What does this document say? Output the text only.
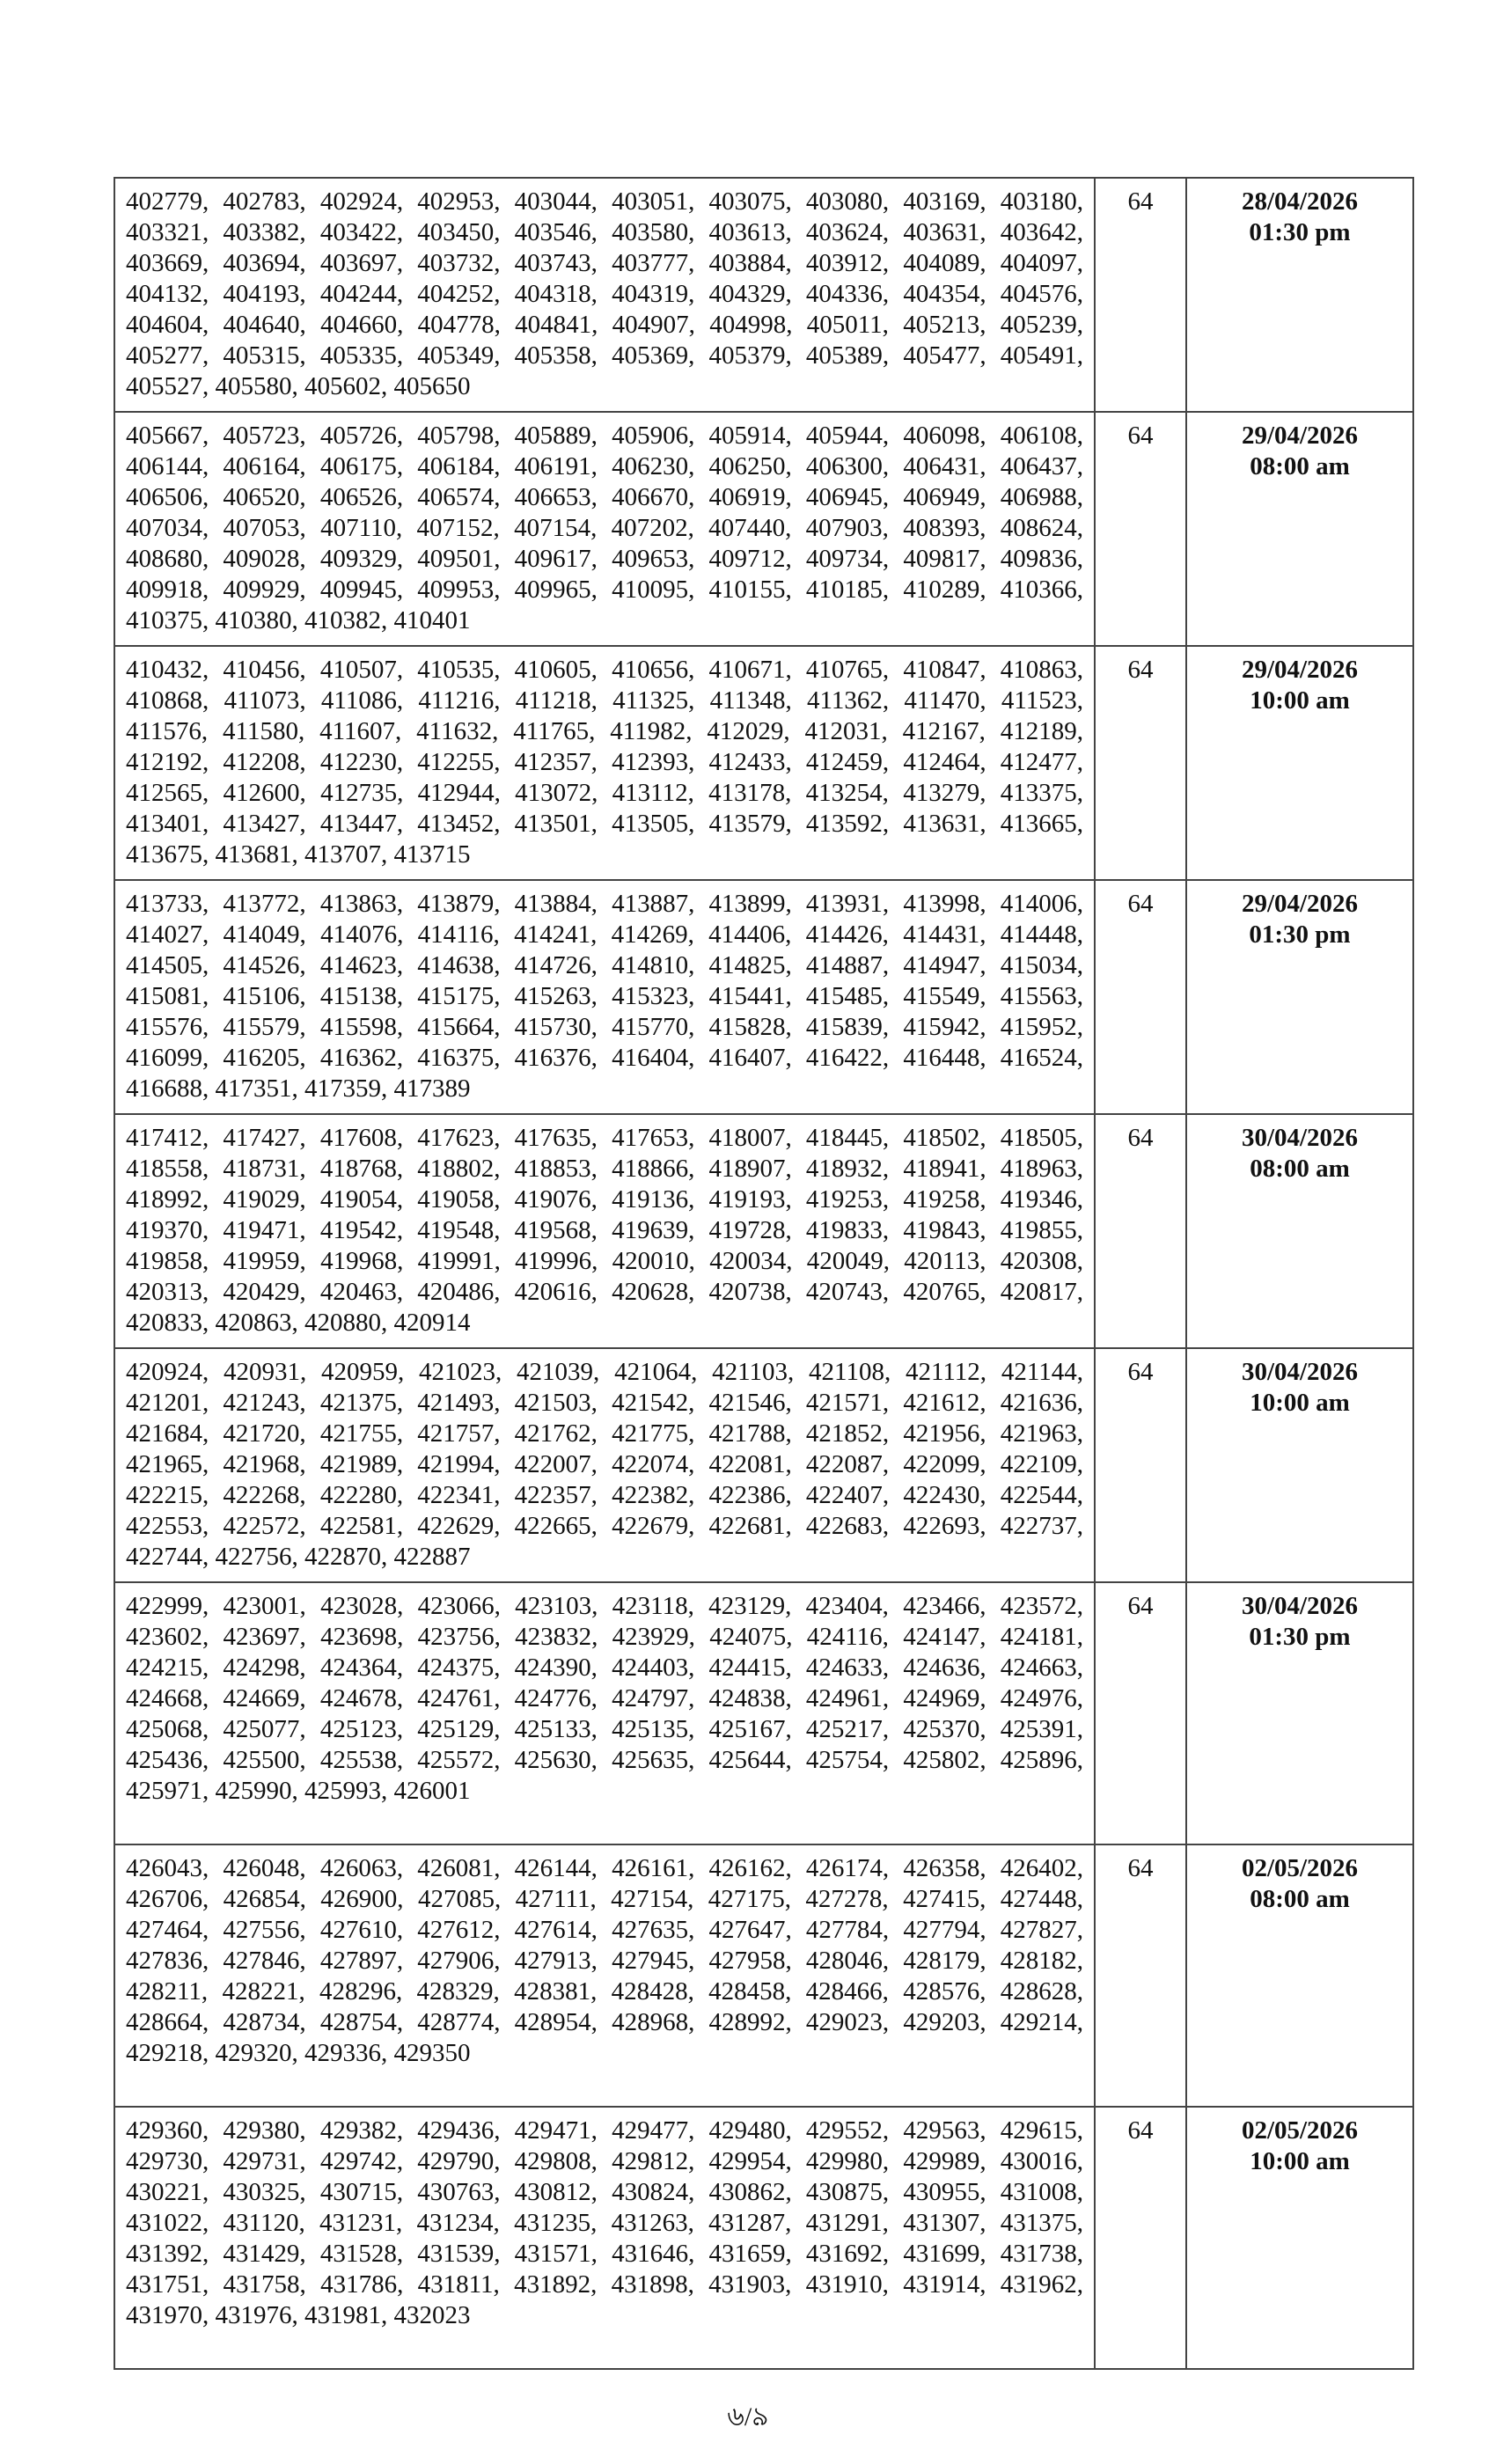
402779, 402783, 402924, 402953, 403044, 403051, 403075, 403080, 403169, 403180, 403321, 403382, 403422, 403450, 403546, 403580, 403613, 403624, 403631, 403642, 403669, 403694, 403697, 403732, 403743, 403777, 403884, 403912, 404089, 404097, 404132, 404193, 404244, 404252, 404318, 404319, 404329, 404336, 404354, 404576, 404604, 404640, 404660, 404778, 404841, 404907, 404998, 405011, 405213, 405239, 405277, 405315, 405335, 405349, 405358, 405369, 405379, 405389, 405477, 405491, 405527, 405580, 405602, 405650	64	28/04/2026
01:30 pm

405667, 405723, 405726, 405798, 405889, 405906, 405914, 405944, 406098, 406108, 406144, 406164, 406175, 406184, 406191, 406230, 406250, 406300, 406431, 406437, 406506, 406520, 406526, 406574, 406653, 406670, 406919, 406945, 406949, 406988, 407034, 407053, 407110, 407152, 407154, 407202, 407440, 407903, 408393, 408624, 408680, 409028, 409329, 409501, 409617, 409653, 409712, 409734, 409817, 409836, 409918, 409929, 409945, 409953, 409965, 410095, 410155, 410185, 410289, 410366, 410375, 410380, 410382, 410401	64	29/04/2026
08:00 am

410432, 410456, 410507, 410535, 410605, 410656, 410671, 410765, 410847, 410863, 410868, 411073, 411086, 411216, 411218, 411325, 411348, 411362, 411470, 411523, 411576, 411580, 411607, 411632, 411765, 411982, 412029, 412031, 412167, 412189, 412192, 412208, 412230, 412255, 412357, 412393, 412433, 412459, 412464, 412477, 412565, 412600, 412735, 412944, 413072, 413112, 413178, 413254, 413279, 413375, 413401, 413427, 413447, 413452, 413501, 413505, 413579, 413592, 413631, 413665, 413675, 413681, 413707, 413715	64	29/04/2026
10:00 am

413733, 413772, 413863, 413879, 413884, 413887, 413899, 413931, 413998, 414006, 414027, 414049, 414076, 414116, 414241, 414269, 414406, 414426, 414431, 414448, 414505, 414526, 414623, 414638, 414726, 414810, 414825, 414887, 414947, 415034, 415081, 415106, 415138, 415175, 415263, 415323, 415441, 415485, 415549, 415563, 415576, 415579, 415598, 415664, 415730, 415770, 415828, 415839, 415942, 415952, 416099, 416205, 416362, 416375, 416376, 416404, 416407, 416422, 416448, 416524, 416688, 417351, 417359, 417389	64	29/04/2026
01:30 pm

417412, 417427, 417608, 417623, 417635, 417653, 418007, 418445, 418502, 418505, 418558, 418731, 418768, 418802, 418853, 418866, 418907, 418932, 418941, 418963, 418992, 419029, 419054, 419058, 419076, 419136, 419193, 419253, 419258, 419346, 419370, 419471, 419542, 419548, 419568, 419639, 419728, 419833, 419843, 419855, 419858, 419959, 419968, 419991, 419996, 420010, 420034, 420049, 420113, 420308, 420313, 420429, 420463, 420486, 420616, 420628, 420738, 420743, 420765, 420817, 420833, 420863, 420880, 420914	64	30/04/2026
08:00 am

420924, 420931, 420959, 421023, 421039, 421064, 421103, 421108, 421112, 421144, 421201, 421243, 421375, 421493, 421503, 421542, 421546, 421571, 421612, 421636, 421684, 421720, 421755, 421757, 421762, 421775, 421788, 421852, 421956, 421963, 421965, 421968, 421989, 421994, 422007, 422074, 422081, 422087, 422099, 422109, 422215, 422268, 422280, 422341, 422357, 422382, 422386, 422407, 422430, 422544, 422553, 422572, 422581, 422629, 422665, 422679, 422681, 422683, 422693, 422737, 422744, 422756, 422870, 422887	64	30/04/2026
10:00 am

422999, 423001, 423028, 423066, 423103, 423118, 423129, 423404, 423466, 423572, 423602, 423697, 423698, 423756, 423832, 423929, 424075, 424116, 424147, 424181, 424215, 424298, 424364, 424375, 424390, 424403, 424415, 424633, 424636, 424663, 424668, 424669, 424678, 424761, 424776, 424797, 424838, 424961, 424969, 424976, 425068, 425077, 425123, 425129, 425133, 425135, 425167, 425217, 425370, 425391, 425436, 425500, 425538, 425572, 425630, 425635, 425644, 425754, 425802, 425896, 425971, 425990, 425993, 426001	64	30/04/2026
01:30 pm

426043, 426048, 426063, 426081, 426144, 426161, 426162, 426174, 426358, 426402, 426706, 426854, 426900, 427085, 427111, 427154, 427175, 427278, 427415, 427448, 427464, 427556, 427610, 427612, 427614, 427635, 427647, 427784, 427794, 427827, 427836, 427846, 427897, 427906, 427913, 427945, 427958, 428046, 428179, 428182, 428211, 428221, 428296, 428329, 428381, 428428, 428458, 428466, 428576, 428628, 428664, 428734, 428754, 428774, 428954, 428968, 428992, 429023, 429203, 429214, 429218, 429320, 429336, 429350	64	02/05/2026
08:00 am

429360, 429380, 429382, 429436, 429471, 429477, 429480, 429552, 429563, 429615, 429730, 429731, 429742, 429790, 429808, 429812, 429954, 429980, 429989, 430016, 430221, 430325, 430715, 430763, 430812, 430824, 430862, 430875, 430955, 431008, 431022, 431120, 431231, 431234, 431235, 431263, 431287, 431291, 431307, 431375, 431392, 431429, 431528, 431539, 431571, 431646, 431659, 431692, 431699, 431738, 431751, 431758, 431786, 431811, 431892, 431898, 431903, 431910, 431914, 431962, 431970, 431976, 431981, 432023	64	02/05/2026
10:00 am
৬/৯
